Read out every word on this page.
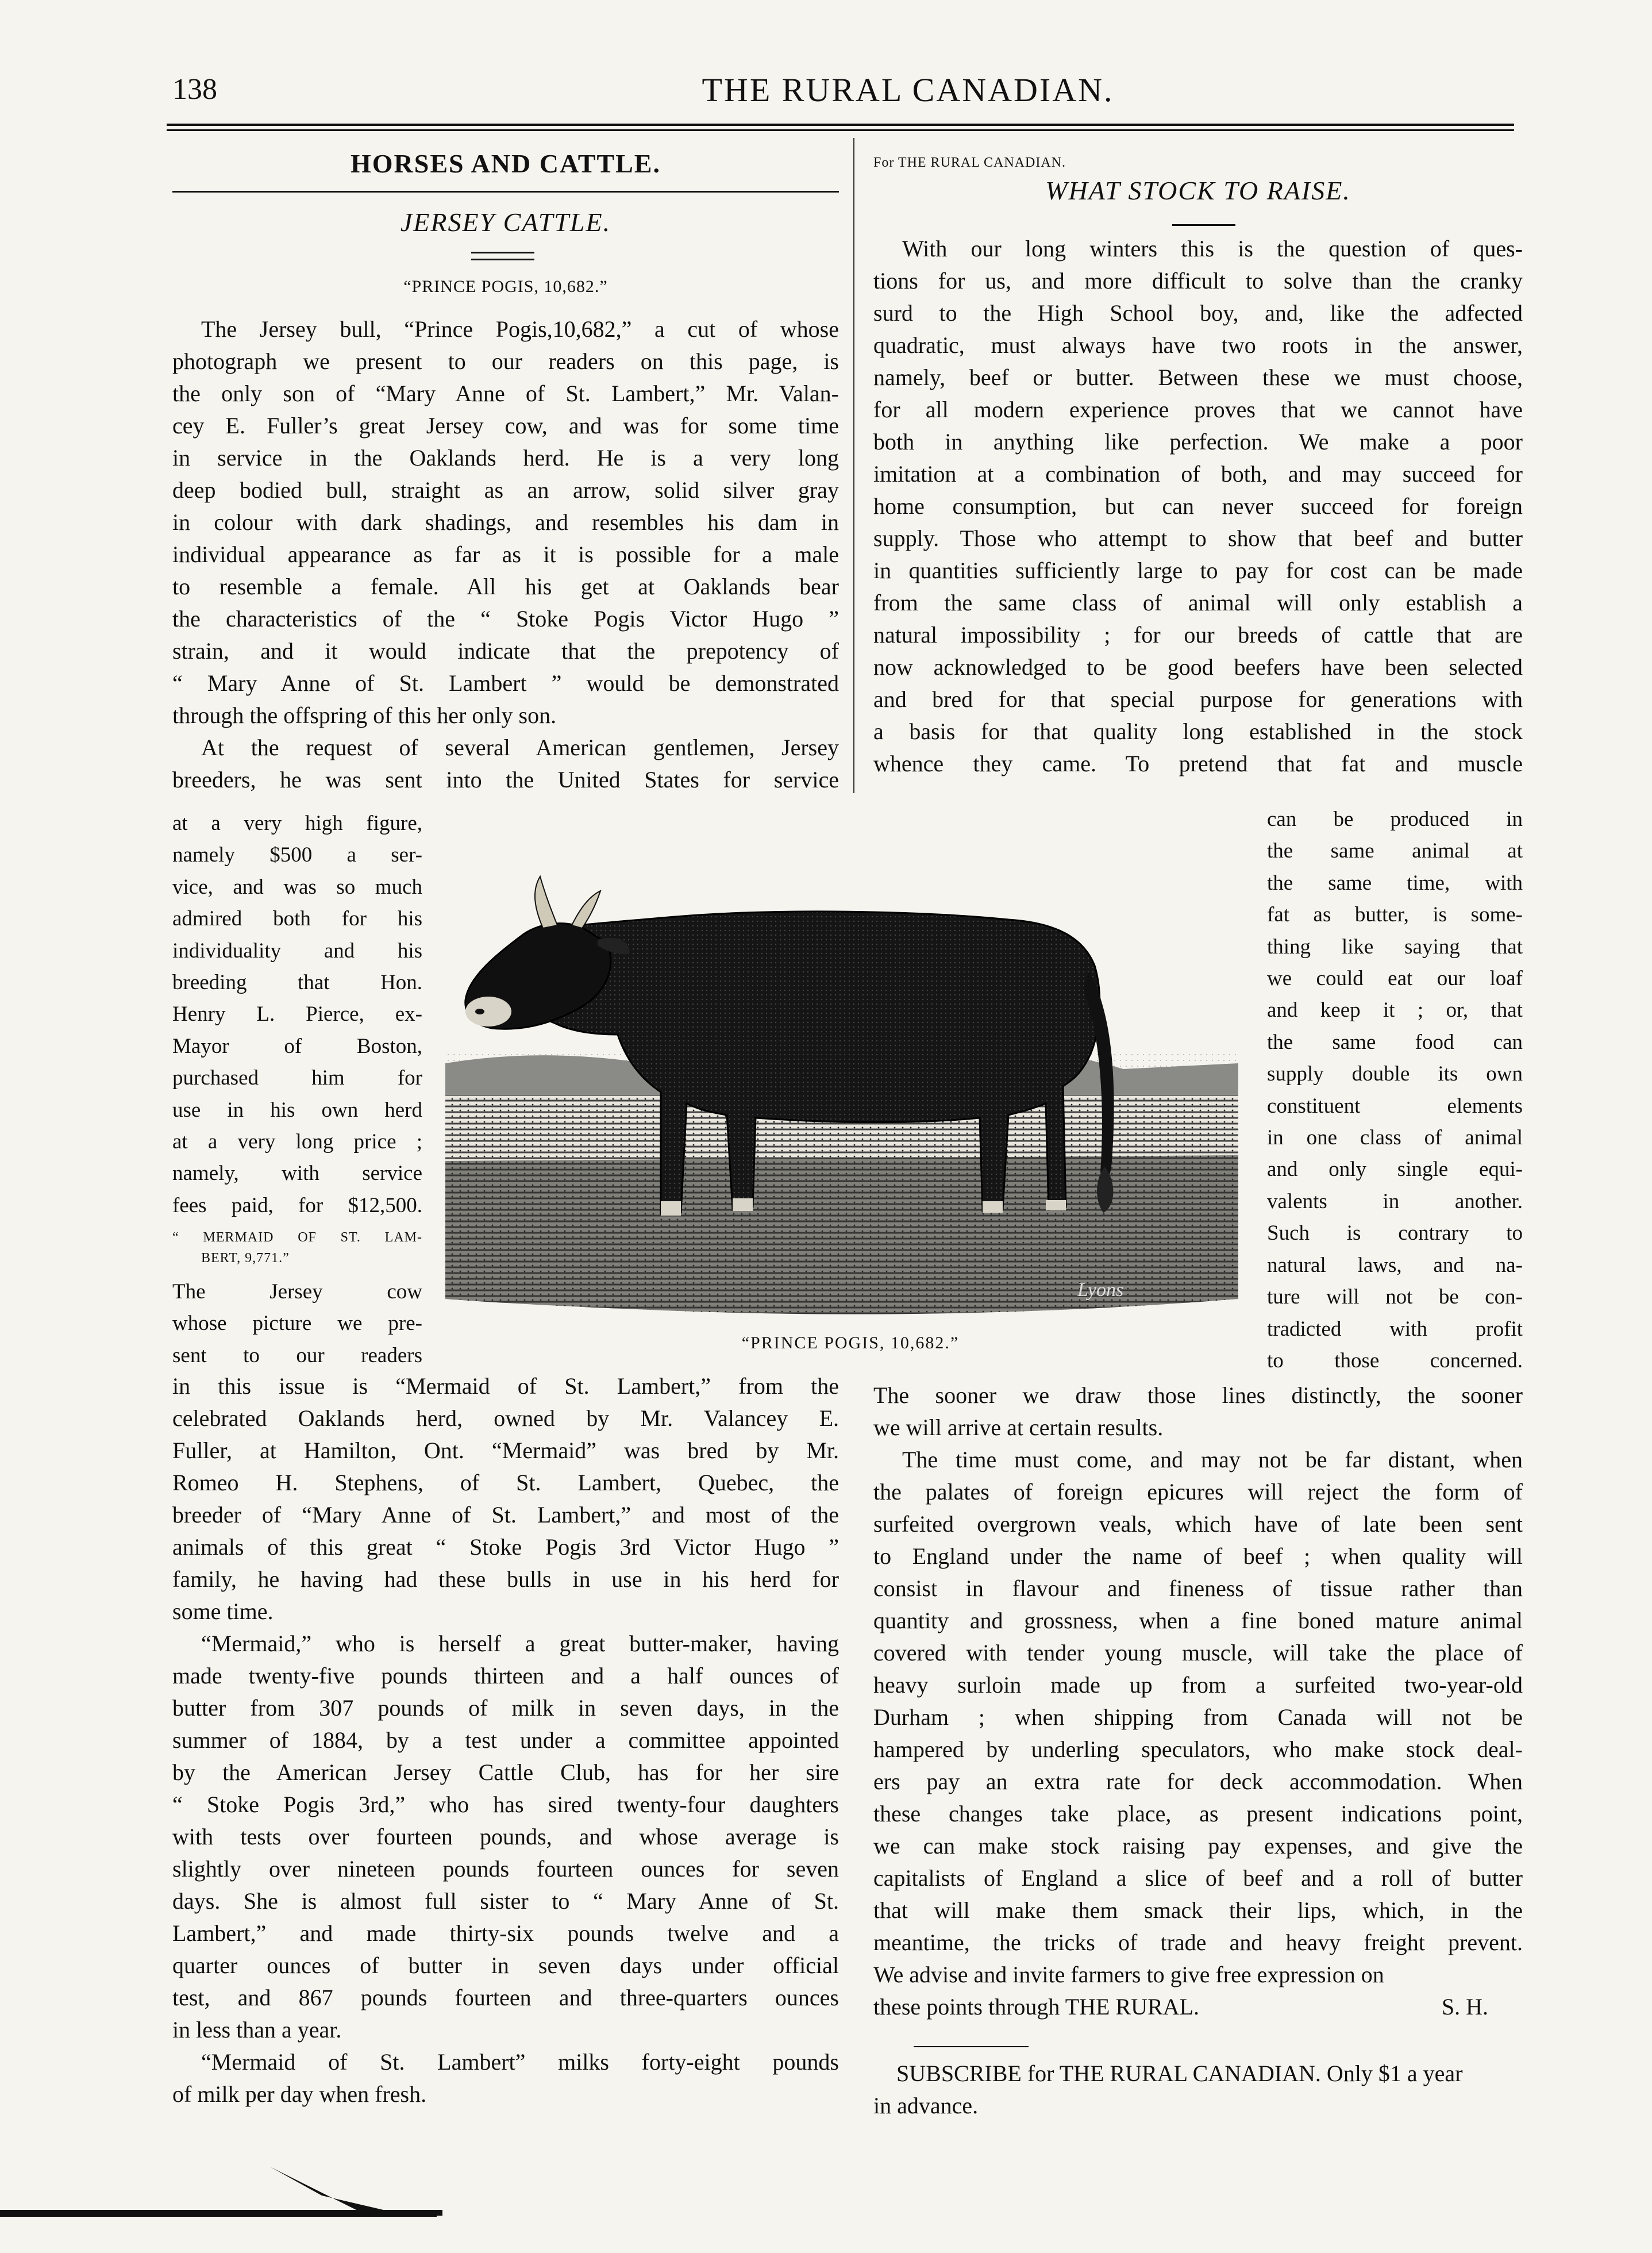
138	THE RURAL CANADIAN.
HORSES AND CATTLE.
JERSEY CATTLE.
“PRINCE POGIS, 10,682.”
The Jersey bull, “Prince Pogis,10,682,” a cut of whose
photograph we present to our readers on this page, is
the only son of “Mary Anne of St. Lambert,” Mr. Valan-
cey E. Fuller’s great Jersey cow, and was for some time
in service in the Oaklands herd. He is a very long
deep bodied bull, straight as an arrow, solid silver gray
in colour with dark shadings, and resembles his dam in
individual appearance as far as it is possible for a male
to resemble a female. All his get at Oaklands bear
the characteristics of the “ Stoke Pogis Victor Hugo ”
strain, and it would indicate that the prepotency of
“ Mary Anne of St. Lambert ” would be demonstrated
through the offspring of this her only son.
At the request of several American gentlemen, Jersey
breeders, he was sent into the United States for service
at a very high figure,
namely $500 a ser-
vice, and was so much
admired both for his
individuality and his
breeding that Hon.
Henry L. Pierce, ex-
Mayor of Boston,
purchased him for
use in his own herd
at a very long price ;
namely, with service
fees paid, for $12,500.
“ MERMAID OF ST. LAM-
BERT, 9,771.”
The Jersey cow
whose picture we pre-
sent to our readers
Lyons
“PRINCE POGIS, 10,682.”
in this issue is “Mermaid of St. Lambert,” from the
celebrated Oaklands herd, owned by Mr. Valancey E.
Fuller, at Hamilton, Ont. “Mermaid” was bred by Mr.
Romeo H. Stephens, of St. Lambert, Quebec, the
breeder of “Mary Anne of St. Lambert,” and most of the
animals of this great “ Stoke Pogis 3rd Victor Hugo ”
family, he having had these bulls in use in his herd for
some time.
“Mermaid,” who is herself a great butter-maker, having
made twenty-five pounds thirteen and a half ounces of
butter from 307 pounds of milk in seven days, in the
summer of 1884, by a test under a committee appointed
by the American Jersey Cattle Club, has for her sire
“ Stoke Pogis 3rd,” who has sired twenty-four daughters
with tests over fourteen pounds, and whose average is
slightly over nineteen pounds fourteen ounces for seven
days. She is almost full sister to “ Mary Anne of St.
Lambert,” and made thirty-six pounds twelve and a
quarter ounces of butter in seven days under official
test, and 867 pounds fourteen and three-quarters ounces
in less than a year.
“Mermaid of St. Lambert” milks forty-eight pounds
of milk per day when fresh.
For THE RURAL CANADIAN.
WHAT STOCK TO RAISE.
With our long winters this is the question of ques-
tions for us, and more difficult to solve than the cranky
surd to the High School boy, and, like the adfected
quadratic, must always have two roots in the answer,
namely, beef or butter. Between these we must choose,
for all modern experience proves that we cannot have
both in anything like perfection. We make a poor
imitation at a combination of both, and may succeed for
home consumption, but can never succeed for foreign
supply. Those who attempt to show that beef and butter
in quantities sufficiently large to pay for cost can be made
from the same class of animal will only establish a
natural impossibility ; for our breeds of cattle that are
now acknowledged to be good beefers have been selected
and bred for that special purpose for generations with
a basis for that quality long established in the stock
whence they came. To pretend that fat and muscle
can be produced in
the same animal at
the same time, with
fat as butter, is some-
thing like saying that
we could eat our loaf
and keep it ; or, that
the same food can
supply double its own
constituent elements
in one class of animal
and only single equi-
valents in another.
Such is contrary to
natural laws, and na-
ture will not be con-
tradicted with profit
to those concerned.
The sooner we draw those lines distinctly, the sooner
we will arrive at certain results.
The time must come, and may not be far distant, when
the palates of foreign epicures will reject the form of
surfeited overgrown veals, which have of late been sent
to England under the name of beef ; when quality will
consist in flavour and fineness of tissue rather than
quantity and grossness, when a fine boned mature animal
covered with tender young muscle, will take the place of
heavy surloin made up from a surfeited two-year-old
Durham ; when shipping from Canada will not be
hampered by underling speculators, who make stock deal-
ers pay an extra rate for deck accommodation. When
these changes take place, as present indications point,
we can make stock raising pay expenses, and give the
capitalists of England a slice of beef and a roll of butter
that will make them smack their lips, which, in the
meantime, the tricks of trade and heavy freight prevent.
We advise and invite farmers to give free expression on
these points through THE RURAL.	S. H.
SUBSCRIBE for THE RURAL CANADIAN. Only $1 a year
in advance.
